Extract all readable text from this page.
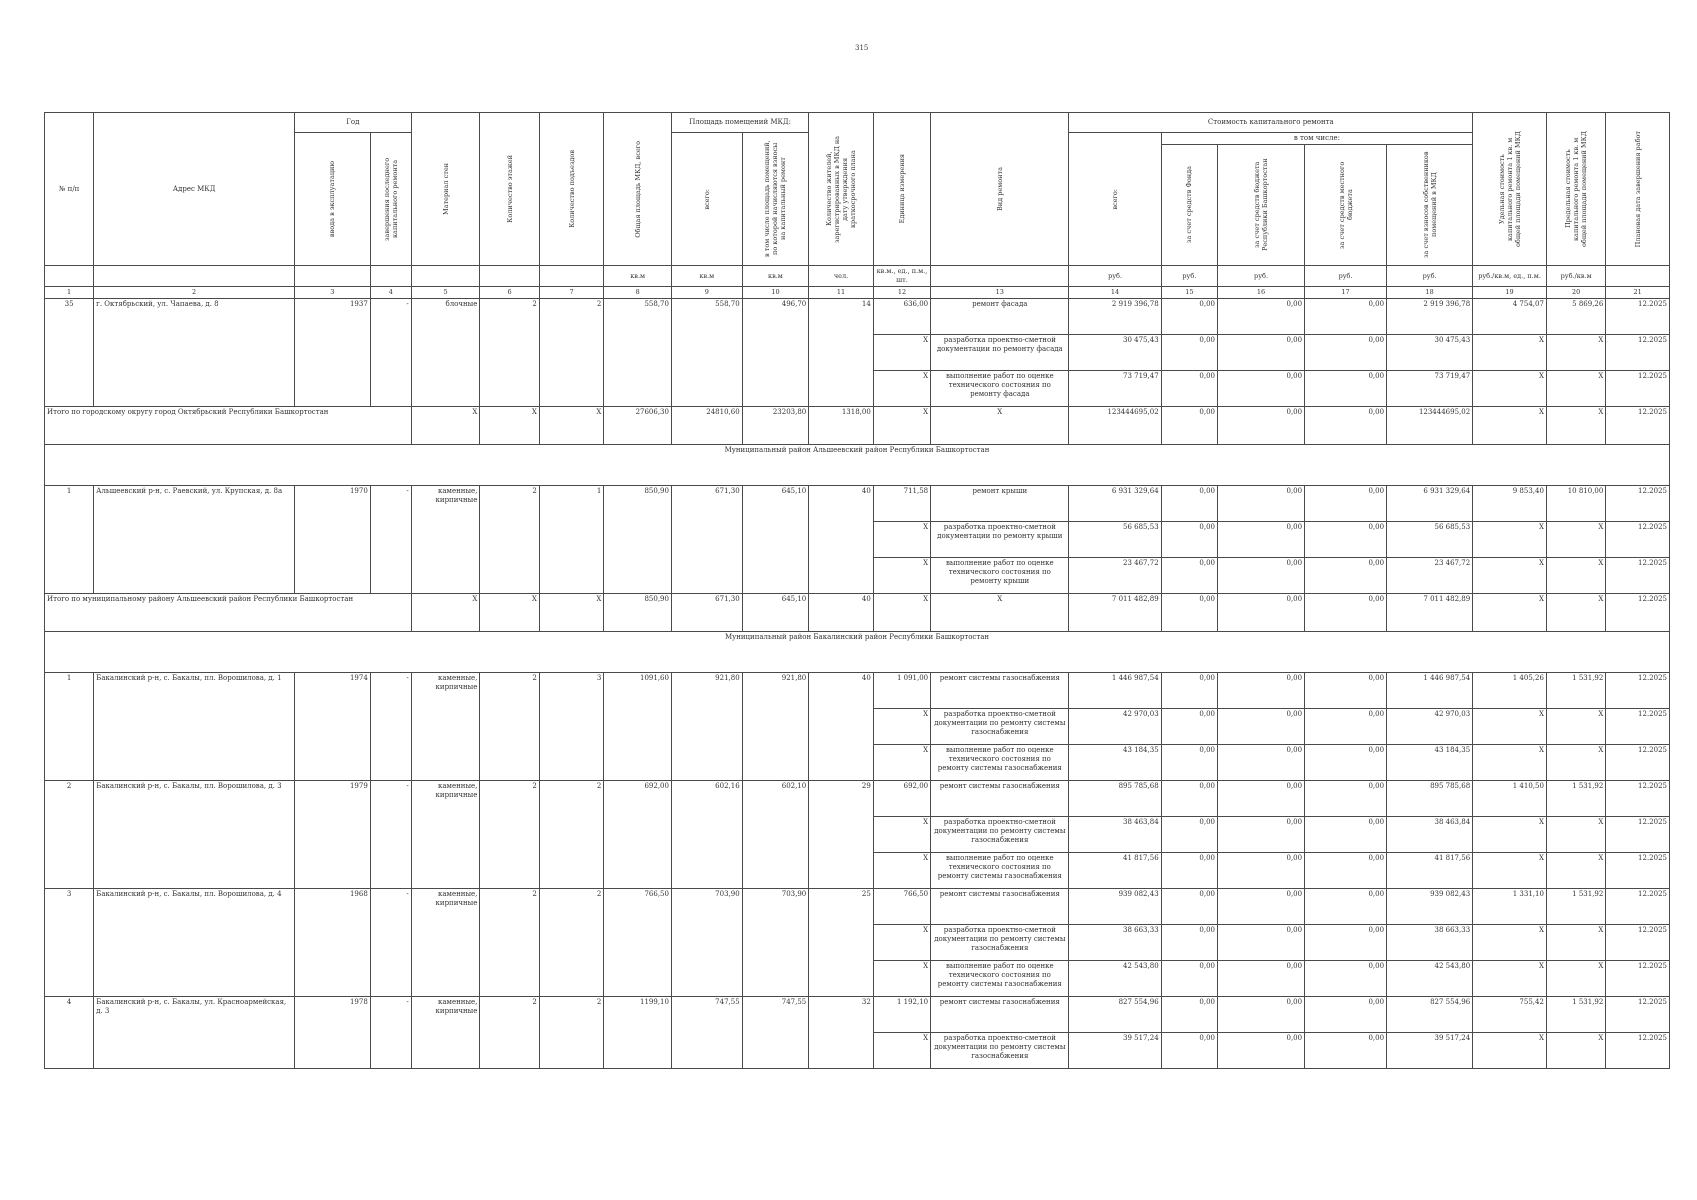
315
№ п/п	Адрес МКД	Год		Материал стен	Количество этажей	Количество подъездов	Общая площадь МКД, всего	Площадь помещений МКД:		Количество жителей, зарегистрированных в МКД на дату утверждения краткосрочного плана	Единица измерения	Вид ремонта	Стоимость капитального ремонта					Удельная стоимость капитального ремонта 1 кв. м общей площади помещений МКД	Предельная стоимость капитального ремонта 1 кв. м общей площади помещений МКД	Плановая дата завершения работ

		ввода в эксплуатацию	завершения последнего капитального ремонта					всего:	в том числе площадь помещений, по которой начисляются взносы на капитальный ремонт				всего:	в том числе:						

														за счет средств Фонда	за счет средств бюджета Республики Башкортостан	за счет средств местного бюджета	за счет взносов собственников помещений в МКД			

							кв.м	кв.м	кв.м	чел.	кв.м., ед., п.м., шт.		руб.	руб.	руб.	руб.	руб.	руб./кв.м, ед., п.м.	руб./кв.м	
1	2	3	4	5	6	7	8	9	10	11	12	13	14	15	16	17	18	19	20	21
35	г. Октябрьский, ул. Чапаева, д. 8	1937	-	блочные	2	2	558,70	558,70	496,70	14	636,00	ремонт фасада	2 919 396,78	0,00	0,00	0,00	2 919 396,78	4 754,07	5 869,26	12.2025
											X	разработка проектно-сметной документации по ремонту фасада	30 475,43	0,00	0,00	0,00	30 475,43	X	X	12.2025
											X	выполнение работ по оценке технического состояния по ремонту фасада	73 719,47	0,00	0,00	0,00	73 719,47	X	X	12.2025
Итого по городскому округу город Октябрьский Республики Башкортостан				X	X	X	27606,30	24810,60	23203,80	1318,00	X	X	123444695,02	0,00	0,00	0,00	123444695,02	X	X	12.2025
Муниципальный район Альшеевский район Республики Башкортостан																				
1	Альшеевский р-н, с. Раевский, ул. Крупская, д. 8а	1970	-	каменные, кирпичные	2	1	850,90	671,30	645,10	40	711,58	ремонт крыши	6 931 329,64	0,00	0,00	0,00	6 931 329,64	9 853,40	10 810,00	12.2025
											X	разработка проектно-сметной документации по ремонту крыши	56 685,53	0,00	0,00	0,00	56 685,53	X	X	12.2025
											X	выполнение работ по оценке технического состояния по ремонту крыши	23 467,72	0,00	0,00	0,00	23 467,72	X	X	12.2025
Итого по муниципальному району Альшеевский район Республики Башкортостан				X	X	X	850,90	671,30	645,10	40	X	X	7 011 482,89	0,00	0,00	0,00	7 011 482,89	X	X	12.2025
Муниципальный район Бакалинский район Республики Башкортостан																				
1	Бакалинский р-н, с. Бакалы, пл. Ворошилова, д. 1	1974	-	каменные, кирпичные	2	3	1091,60	921,80	921,80	40	1 091,00	ремонт системы газоснабжения	1 446 987,54	0,00	0,00	0,00	1 446 987,54	1 405,26	1 531,92	12.2025
											X	разработка проектно-сметной документации по ремонту системы газоснабжения	42 970,03	0,00	0,00	0,00	42 970,03	X	X	12.2025
											X	выполнение работ по оценке технического состояния по ремонту системы газоснабжения	43 184,35	0,00	0,00	0,00	43 184,35	X	X	12.2025
2	Бакалинский р-н, с. Бакалы, пл. Ворошилова, д. 3	1979	-	каменные, кирпичные	2	2	692,00	602,16	602,10	29	692,00	ремонт системы газоснабжения	895 785,68	0,00	0,00	0,00	895 785,68	1 410,50	1 531,92	12.2025
											X	разработка проектно-сметной документации по ремонту системы газоснабжения	38 463,84	0,00	0,00	0,00	38 463,84	X	X	12.2025
											X	выполнение работ по оценке технического состояния по ремонту системы газоснабжения	41 817,56	0,00	0,00	0,00	41 817,56	X	X	12.2025
3	Бакалинский р-н, с. Бакалы, пл. Ворошилова, д. 4	1968	-	каменные, кирпичные	2	2	766,50	703,90	703,90	25	766,50	ремонт системы газоснабжения	939 082,43	0,00	0,00	0,00	939 082,43	1 331,10	1 531,92	12.2025
											X	разработка проектно-сметной документации по ремонту системы газоснабжения	38 663,33	0,00	0,00	0,00	38 663,33	X	X	12.2025
											X	выполнение работ по оценке технического состояния по ремонту системы газоснабжения	42 543,80	0,00	0,00	0,00	42 543,80	X	X	12.2025
4	Бакалинский р-н, с. Бакалы, ул. Красноармейская, д. 3	1978	-	каменные, кирпичные	2	2	1199,10	747,55	747,55	32	1 192,10	ремонт системы газоснабжения	827 554,96	0,00	0,00	0,00	827 554,96	755,42	1 531,92	12.2025
											X	разработка проектно-сметной документации по ремонту системы газоснабжения	39 517,24	0,00	0,00	0,00	39 517,24	X	X	12.2025
